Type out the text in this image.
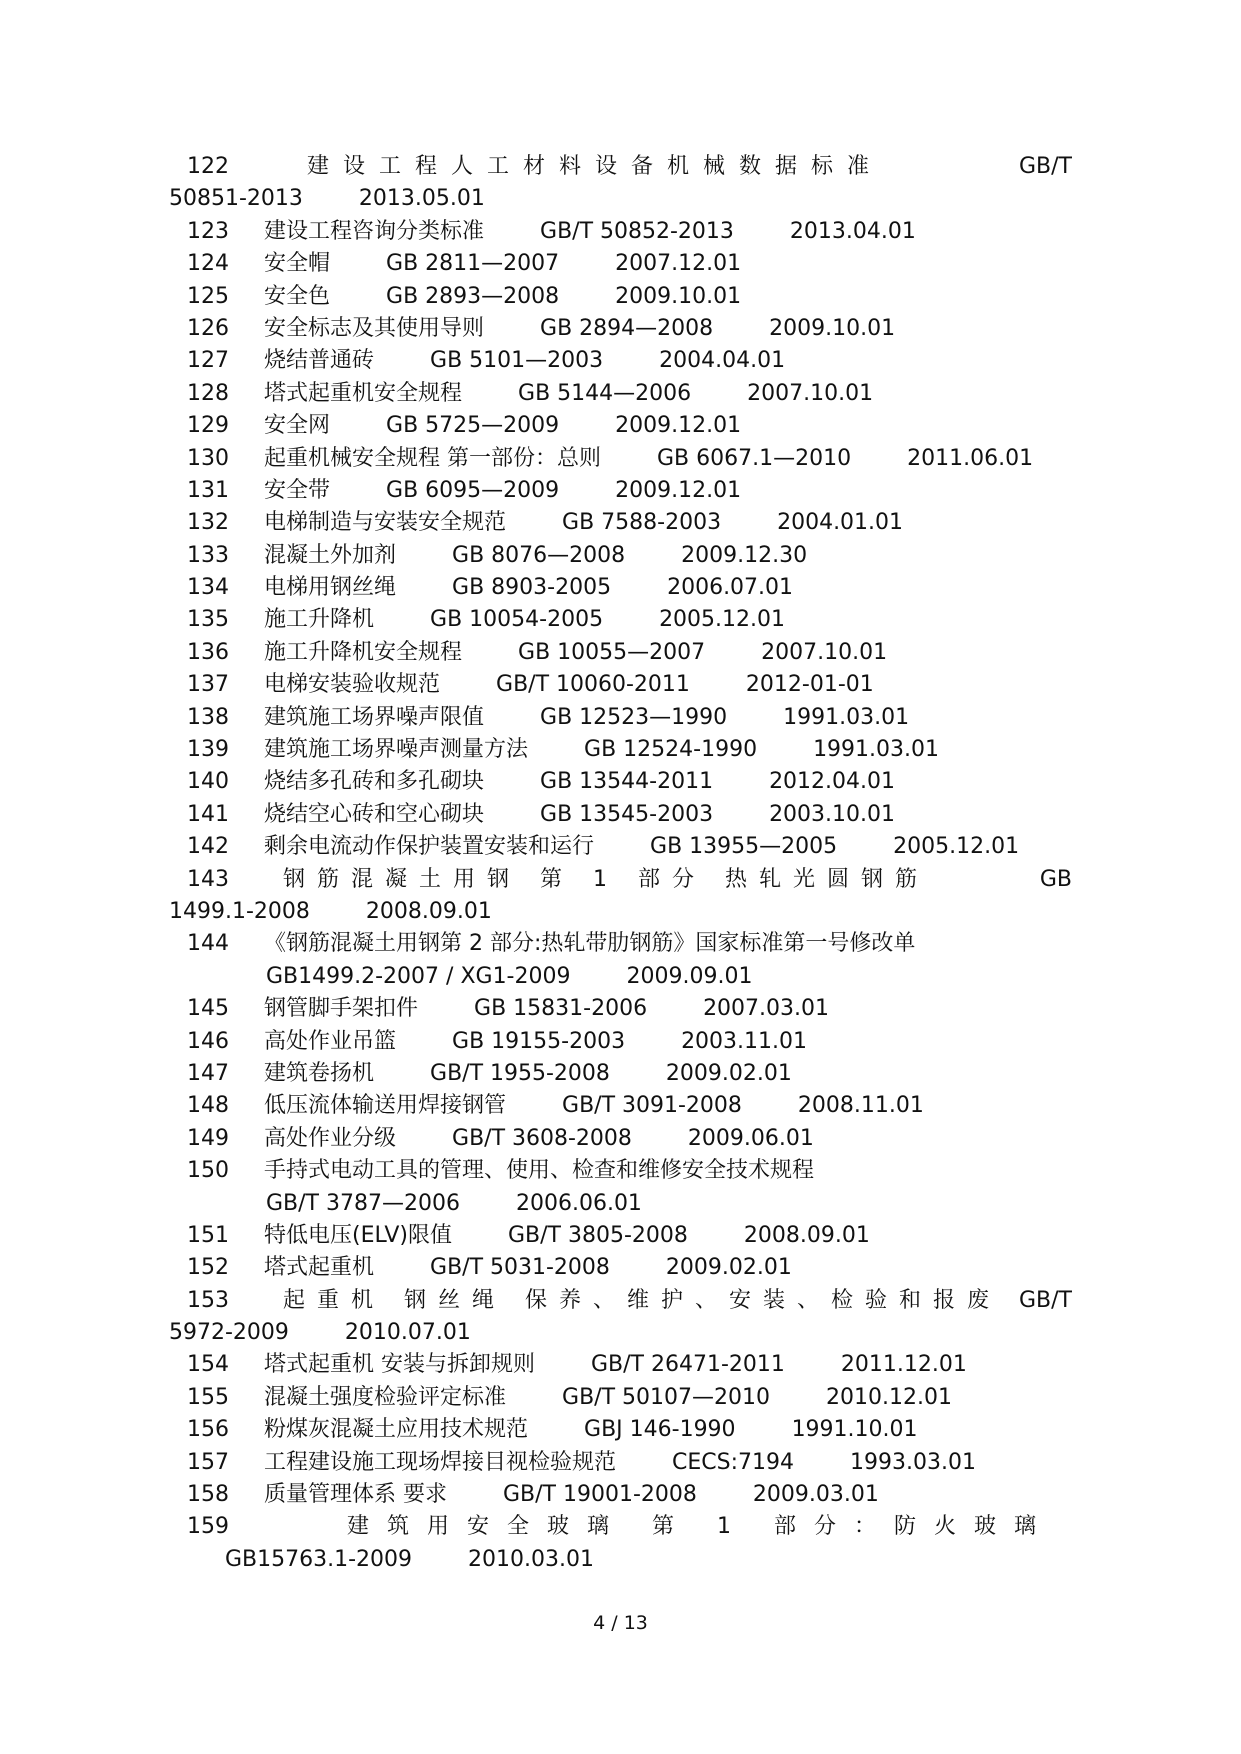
122	建设工程人工材料设备机械数据标准	GB/T
50851-2013	2013.05.01
123 建设工程咨询分类标准	GB/T 50852-2013	2013.04.01
124 安全帽	GB 2811—2007	2007.12.01
125 安全色	GB 2893—2008	2009.10.01
126 安全标志及其使用导则	GB 2894—2008	2009.10.01
127 烧结普通砖	GB 5101—2003	2004.04.01
128 塔式起重机安全规程	GB 5144—2006	2007.10.01
129 安全网	GB 5725—2009	2009.12.01
130 起重机械安全规程 第一部份：总则	GB 6067.1—2010	2011.06.01
131 安全带	GB 6095—2009	2009.12.01
132 电梯制造与安装安全规范	GB 7588-2003	2004.01.01
133 混凝土外加剂	GB 8076—2008	2009.12.30
134 电梯用钢丝绳	GB 8903-2005	2006.07.01
135 施工升降机	GB 10054-2005	2005.12.01
136 施工升降机安全规程	GB 10055—2007	2007.10.01
137 电梯安装验收规范	GB/T 10060-2011	2012-01-01
138 建筑施工场界噪声限值	GB 12523—1990	1991.03.01
139 建筑施工场界噪声测量方法	GB 12524-1990	1991.03.01
140 烧结多孔砖和多孔砌块	GB 13544-2011	2012.04.01
141 烧结空心砖和空心砌块	GB 13545-2003	2003.10.01
142 剩余电流动作保护装置安装和运行	GB 13955—2005	2005.12.01
143 钢筋混凝土用钢 第 1 部分 热轧光圆钢筋	GB
1499.1-2008	2008.09.01
144 《钢筋混凝土用钢第 2 部分:热轧带肋钢筋》国家标准第一号修改单
GB1499.2-2007 / XG1-2009	2009.09.01
145 钢管脚手架扣件	GB 15831-2006	2007.03.01
146 高处作业吊篮	GB 19155-2003	2003.11.01
147 建筑卷扬机	GB/T 1955-2008	2009.02.01
148 低压流体输送用焊接钢管	GB/T 3091-2008	2008.11.01
149 高处作业分级	GB/T 3608-2008	2009.06.01
150 手持式电动工具的管理、使用、检查和维修安全技术规程
GB/T 3787—2006	2006.06.01
151 特低电压(ELV)限值	GB/T 3805-2008	2008.09.01
152 塔式起重机	GB/T 5031-2008	2009.02.01
153 起重机 钢丝绳 保养、维护、安装、检验和报废 GB/T
5972-2009	2010.07.01
154 塔式起重机 安装与拆卸规则	GB/T 26471-2011	2011.12.01
155 混凝土强度检验评定标准	GB/T 50107—2010	2010.12.01
156 粉煤灰混凝土应用技术规范	GBJ 146-1990	1991.10.01
157 工程建设施工现场焊接目视检验规范	CECS:7194	1993.03.01
158 质量管理体系 要求	GB/T 19001-2008	2009.03.01
159	建筑用安全玻璃 第 1 部分：防火玻璃
GB15763.1-2009	2010.03.01
4 / 13
